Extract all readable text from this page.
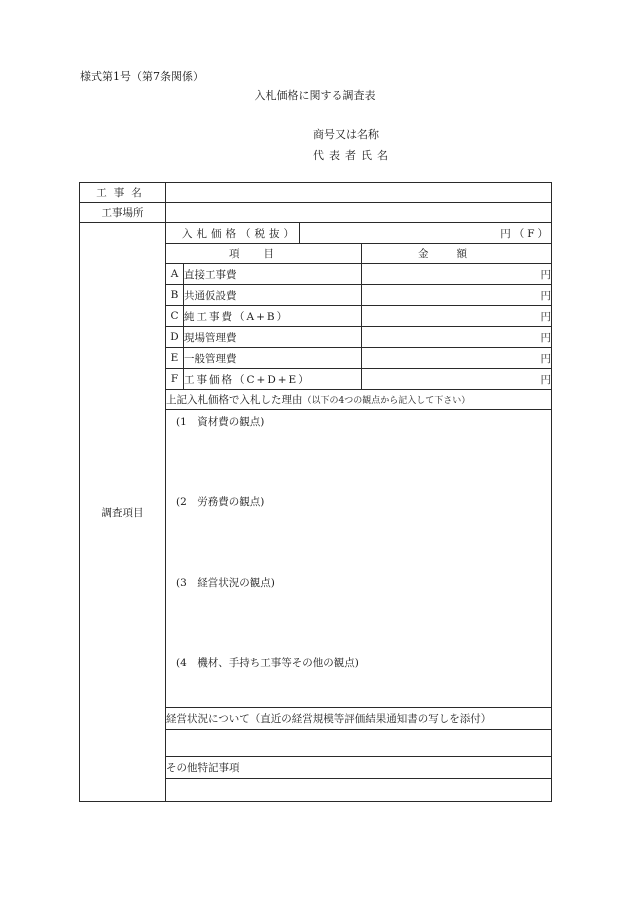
様式第1号（第7条関係）
入札価格に関する調査表
商号又は名称
代表者氏名
工事名				
工事場所				
調査項目	入札価格（税抜）		円（F）	
	項目			金額
	A	直接工事費		円
	B	共通仮設費		円
	C	純工事費（A+B）		円
	D	現場管理費		円
	E	一般管理費		円
	F	工事価格（C+D+E）		円
	上記入札価格で入札した理由（以下の4つの観点から記入して下さい）			

	(1　資材費の観点)
(2　労務費の観点)
(3　経営状況の観点)
(4　機材、手持ち工事等その他の観点)			

	経営状況について（直近の経営規模等評価結果通知書の写しを添付）			

	その他特記事項			
